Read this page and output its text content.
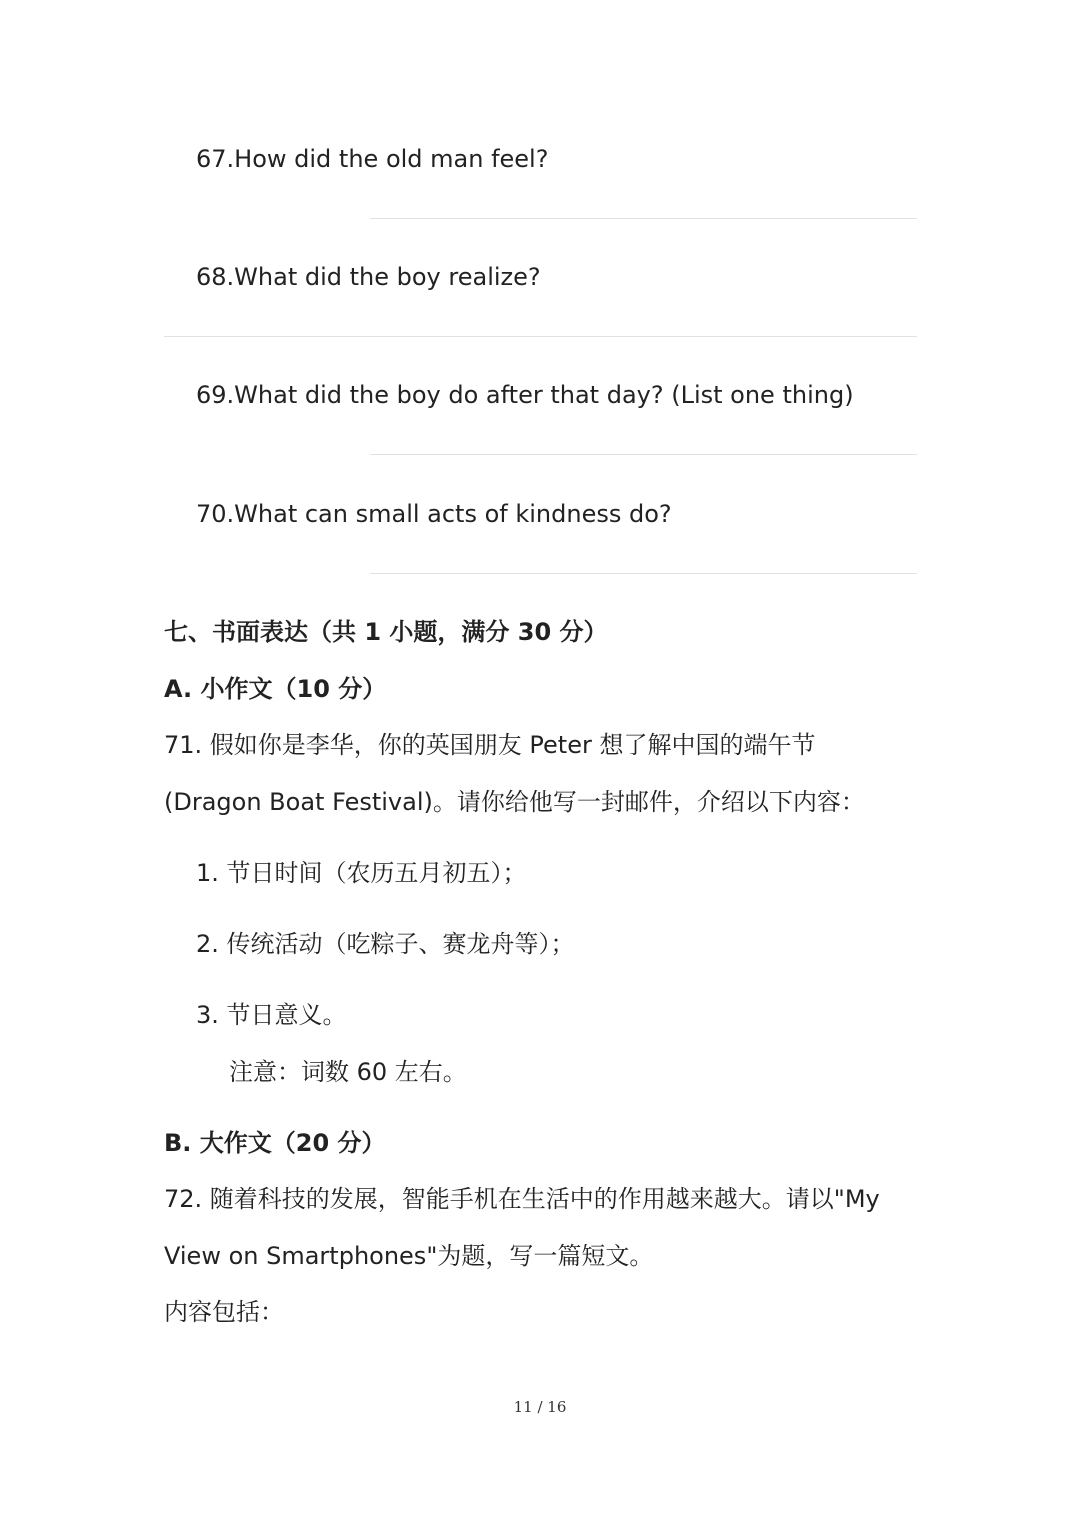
67.How did the old man feel?
68.What did the boy realize?
69.What did the boy do after that day? (List one thing)
70.What can small acts of kindness do?
七、书面表达（共 1 小题，满分 30 分）
A. 小作文（10 分）
71. 假如你是李华，你的英国朋友 Peter 想了解中国的端午节
(Dragon Boat Festival)。请你给他写一封邮件，介绍以下内容：
1. 节日时间（农历五月初五）；
2. 传统活动（吃粽子、赛龙舟等）；
3. 节日意义。
注意：词数 60 左右。
B. 大作文（20 分）
72. 随着科技的发展，智能手机在生活中的作用越来越大。请以"My
View on Smartphones"为题，写一篇短文。
内容包括：
11 / 16
